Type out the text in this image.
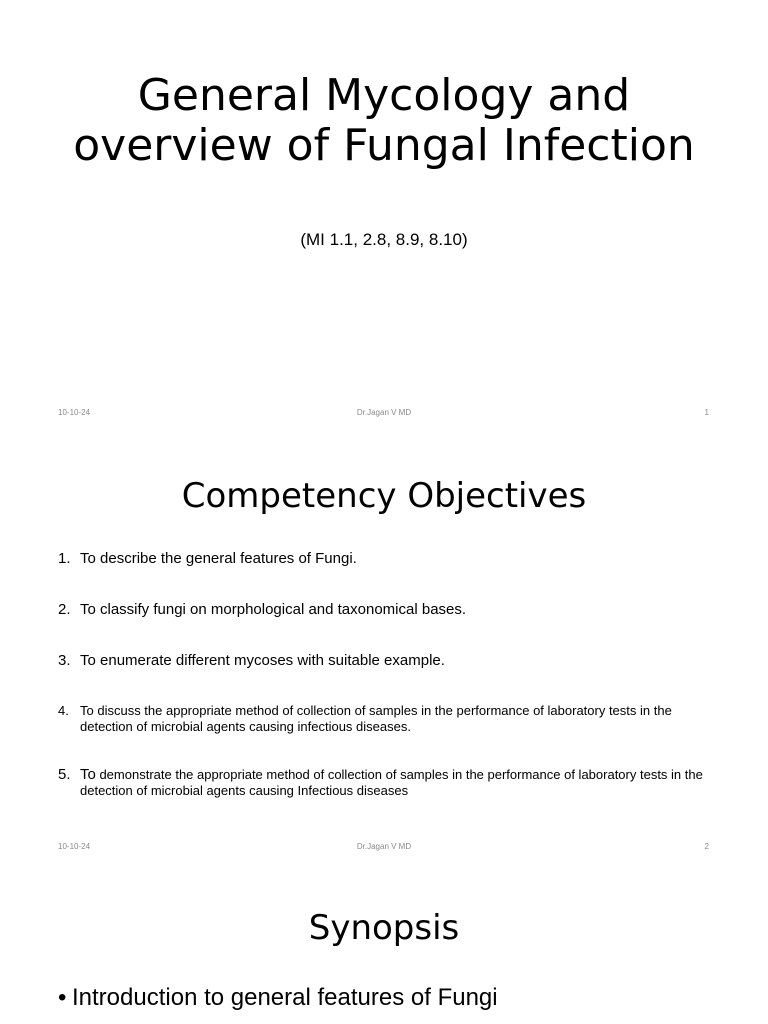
General Mycology and overview of Fungal Infection
(MI 1.1, 2.8, 8.9, 8.10)
10-10-24	Dr.Jagan V MD	1
Competency Objectives
1. To describe the general features of Fungi.
2. To classify fungi on morphological and taxonomical bases.
3. To enumerate different mycoses with suitable example.
4. To discuss the appropriate method of collection of samples in the performance of laboratory tests in the detection of microbial agents causing infectious diseases.
5. To demonstrate the appropriate method of collection of samples in the performance of laboratory tests in the detection of microbial agents causing Infectious diseases
10-10-24	Dr.Jagan V MD	2
Synopsis
• Introduction to general features of Fungi
